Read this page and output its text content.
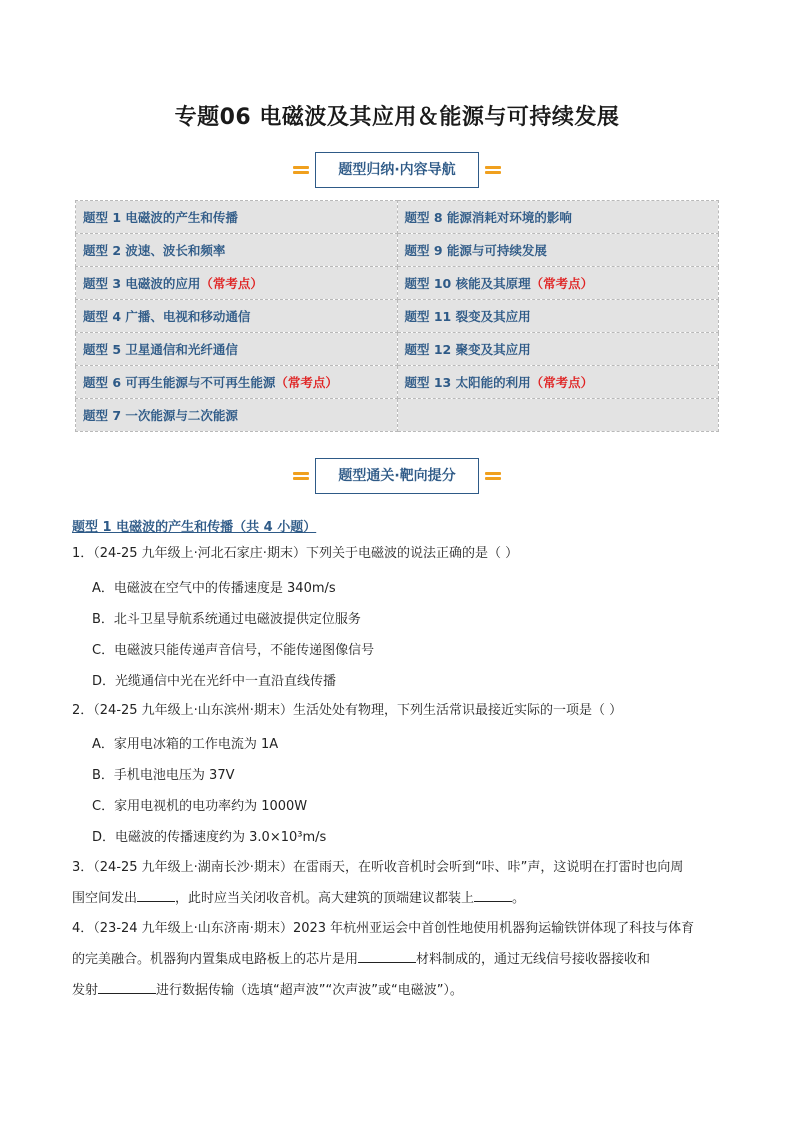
专题06 电磁波及其应用＆能源与可持续发展
题型归纳·内容导航
题型 1 电磁波的产生和传播	题型 8 能源消耗对环境的影响
题型 2 波速、波长和频率	题型 9 能源与可持续发展
题型 3 电磁波的应用（常考点）	题型 10 核能及其原理（常考点）
题型 4 广播、电视和移动通信	题型 11 裂变及其应用
题型 5 卫星通信和光纤通信	题型 12 聚变及其应用
题型 6 可再生能源与不可再生能源（常考点）	题型 13 太阳能的利用（常考点）
题型 7 一次能源与二次能源	
题型通关·靶向提分
题型 1 电磁波的产生和传播（共 4 小题）
1．（24-25 九年级上·河北石家庄·期末）下列关于电磁波的说法正确的是（ ）
A．电磁波在空气中的传播速度是 340m/s
B．北斗卫星导航系统通过电磁波提供定位服务
C．电磁波只能传递声音信号，不能传递图像信号
D．光缆通信中光在光纤中一直沿直线传播
2．（24-25 九年级上·山东滨州·期末）生活处处有物理，下列生活常识最接近实际的一项是（ ）
A．家用电冰箱的工作电流为 1A
B．手机电池电压为 37V
C．家用电视机的电功率约为 1000W
D．电磁波的传播速度约为 3.0×10³m/s
3．（24-25 九年级上·湖南长沙·期末）在雷雨天，在听收音机时会听到“咔、咔”声，这说明在打雷时也向周
围空间发出	，此时应当关闭收音机。高大建筑的顶端建议都装上	。
4．（23-24 九年级上·山东济南·期末）2023 年杭州亚运会中首创性地使用机器狗运输铁饼体现了科技与体育
的完美融合。机器狗内置集成电路板上的芯片是用	材料制成的，通过无线信号接收器接收和
发射	进行数据传输（选填“超声波”“次声波”或“电磁波”）。
